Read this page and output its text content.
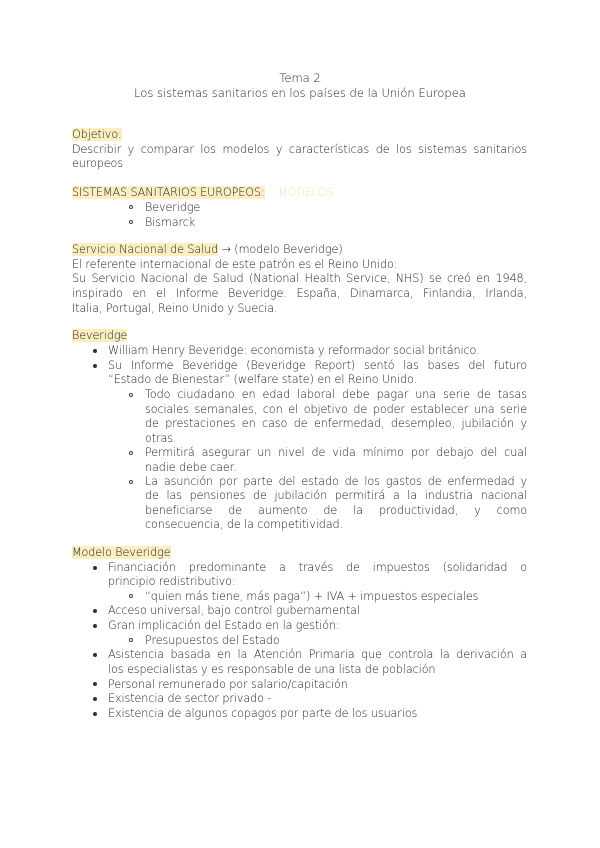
Tema 2
Los sistemas sanitarios en los países de la Unión Europea
Objetivo:
Describir y comparar los modelos y características de los sistemas sanitarios
europeos
SISTEMAS SANITARIOS EUROPEOS: MODELOS
Beveridge
Bismarck
Servicio Nacional de Salud → (modelo Beveridge)
El referente internacional de este patrón es el Reino Unido:
Su Servicio Nacional de Salud (National Health Service, NHS) se creó en 1948,
inspirado en el Informe Beveridge. España, Dinamarca, Finlandia, Irlanda,
Italia, Portugal, Reino Unido y Suecia.
Beveridge
William Henry Beveridge: economista y reformador social británico.
Su Informe Beveridge (Beveridge Report) sentó las bases del futuro
“Estado de Bienestar” (welfare state) en el Reino Unido.
Todo ciudadano en edad laboral debe pagar una serie de tasas
sociales semanales, con el objetivo de poder establecer una serie
de prestaciones en caso de enfermedad, desempleo, jubilación y
otras.
Permitirá asegurar un nivel de vida mínimo por debajo del cual
nadie debe caer.
La asunción por parte del estado de los gastos de enfermedad y
de las pensiones de jubilación permitirá a la industria nacional
beneficiarse de aumento de la productividad, y como
consecuencia, de la competitividad.
Modelo Beveridge
Financiación predominante a través de impuestos (solidaridad o
principio redistributivo:
“quien más tiene, más paga”) + IVA + impuestos especiales
Acceso universal, bajo control gubernamental
Gran implicación del Estado en la gestión:
Presupuestos del Estado
Asistencia basada en la Atención Primaria que controla la derivación a
los especialistas y es responsable de una lista de población
Personal remunerado por salario/capitación
Existencia de sector privado -
Existencia de algunos copagos por parte de los usuarios
